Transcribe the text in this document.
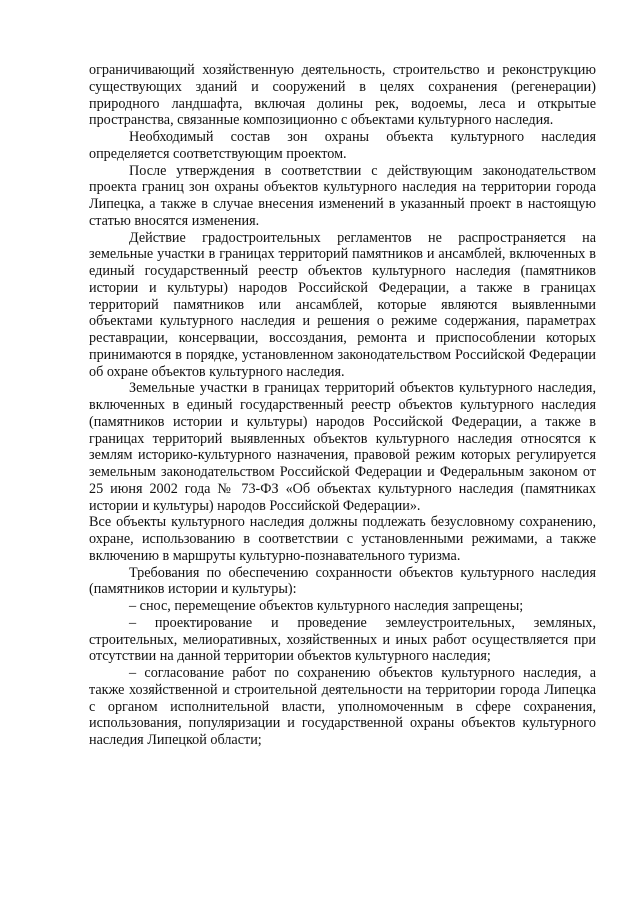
ограничивающий хозяйственную деятельность, строительство и реконструкцию существующих зданий и сооружений в целях сохранения (регенерации) природного ландшафта, включая долины рек, водоемы, леса и открытые пространства, связанные композиционно с объектами культурного наследия.

Необходимый состав зон охраны объекта культурного наследия определяется соответствующим проектом.

После утверждения в соответствии с действующим законодательством проекта границ зон охраны объектов культурного наследия на территории города Липецка, а также в случае внесения изменений в указанный проект в настоящую статью вносятся изменения.

Действие градостроительных регламентов не распространяется на земельные участки в границах территорий памятников и ансамблей, включенных в единый государственный реестр объектов культурного наследия (памятников истории и культуры) народов Российской Федерации, а также в границах территорий памятников или ансамблей, которые являются выявленными объектами культурного наследия и решения о режиме содержания, параметрах реставрации, консервации, воссоздания, ремонта и приспособлении которых принимаются в порядке, установленном законодательством Российской Федерации об охране объектов культурного наследия.

Земельные участки в границах территорий объектов культурного наследия, включенных в единый государственный реестр объектов культурного наследия (памятников истории и культуры) народов Российской Федерации, а также в границах территорий выявленных объектов культурного наследия относятся к землям историко-культурного назначения, правовой режим которых регулируется земельным законодательством Российской Федерации и Федеральным законом от 25 июня 2002 года № 73-ФЗ «Об объектах культурного наследия (памятниках истории и культуры) народов Российской Федерации».

Все объекты культурного наследия должны подлежать безусловному сохранению, охране, использованию в соответствии с установленными режимами, а также включению в маршруты культурно-познавательного туризма.

Требования по обеспечению сохранности объектов культурного наследия (памятников истории и культуры):

– снос, перемещение объектов культурного наследия запрещены;

– проектирование и проведение землеустроительных, земляных, строительных, мелиоративных, хозяйственных и иных работ осуществляется при отсутствии на данной территории объектов культурного наследия;

– согласование работ по сохранению объектов культурного наследия, а также хозяйственной и строительной деятельности на территории города Липецка с органом исполнительной власти, уполномоченным в сфере сохранения, использования, популяризации и государственной охраны объектов культурного наследия Липецкой области;
